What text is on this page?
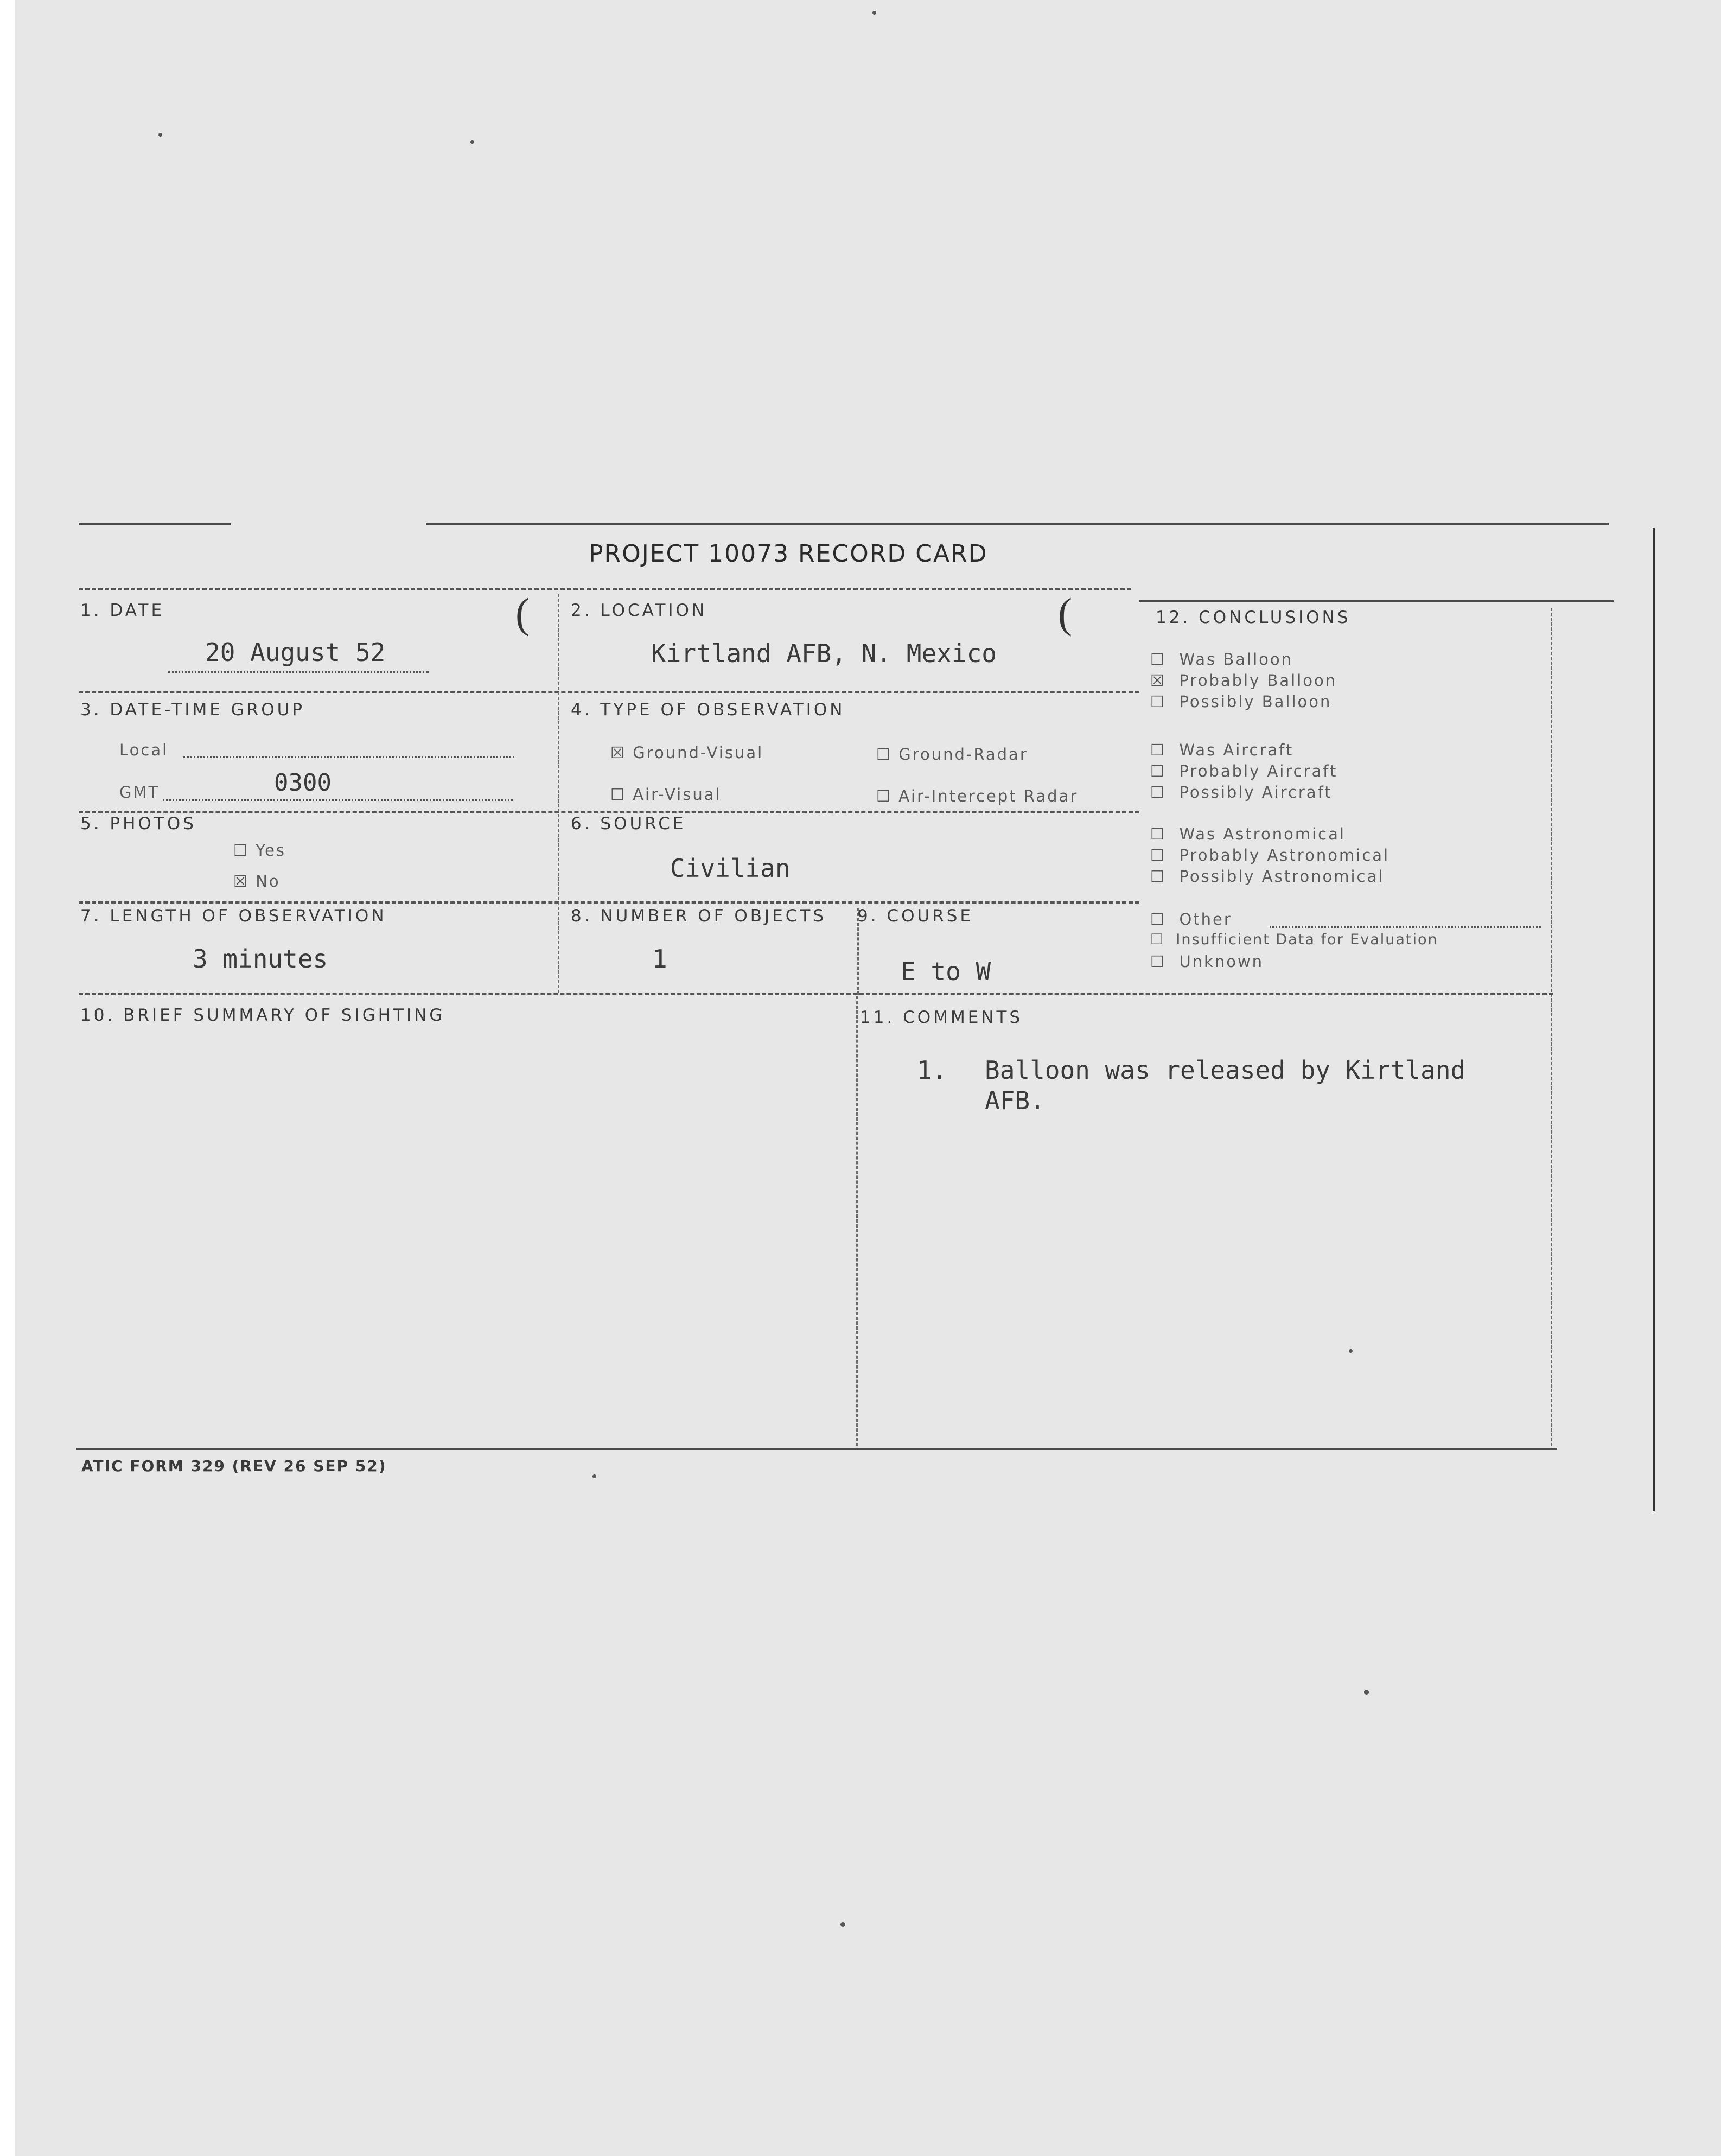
PROJECT 10073 RECORD CARD
1. DATE	(
20 August 52
2. LOCATION	(
Kirtland AFB, N. Mexico
3. DATE-TIME GROUP
Local
GMT	0300
4. TYPE OF OBSERVATION
☒ Ground-Visual	☐ Ground-Radar
☐ Air-Visual	☐ Air-Intercept Radar
5. PHOTOS
☐ Yes
☒ No
6. SOURCE
Civilian
7. LENGTH OF OBSERVATION
3 minutes
8. NUMBER OF OBJECTS
1
9. COURSE
E to W
10. BRIEF SUMMARY OF SIGHTING	11. COMMENTS
1. Balloon was released by Kirtland
AFB.
12. CONCLUSIONS
☐ Was Balloon
☒ Probably Balloon
☐ Possibly Balloon
☐ Was Aircraft
☐ Probably Aircraft
☐ Possibly Aircraft
☐ Was Astronomical
☐ Probably Astronomical
☐ Possibly Astronomical
☐ Other
☐ Insufficient Data for Evaluation
☐ Unknown
ATIC FORM 329 (REV 26 SEP 52)
